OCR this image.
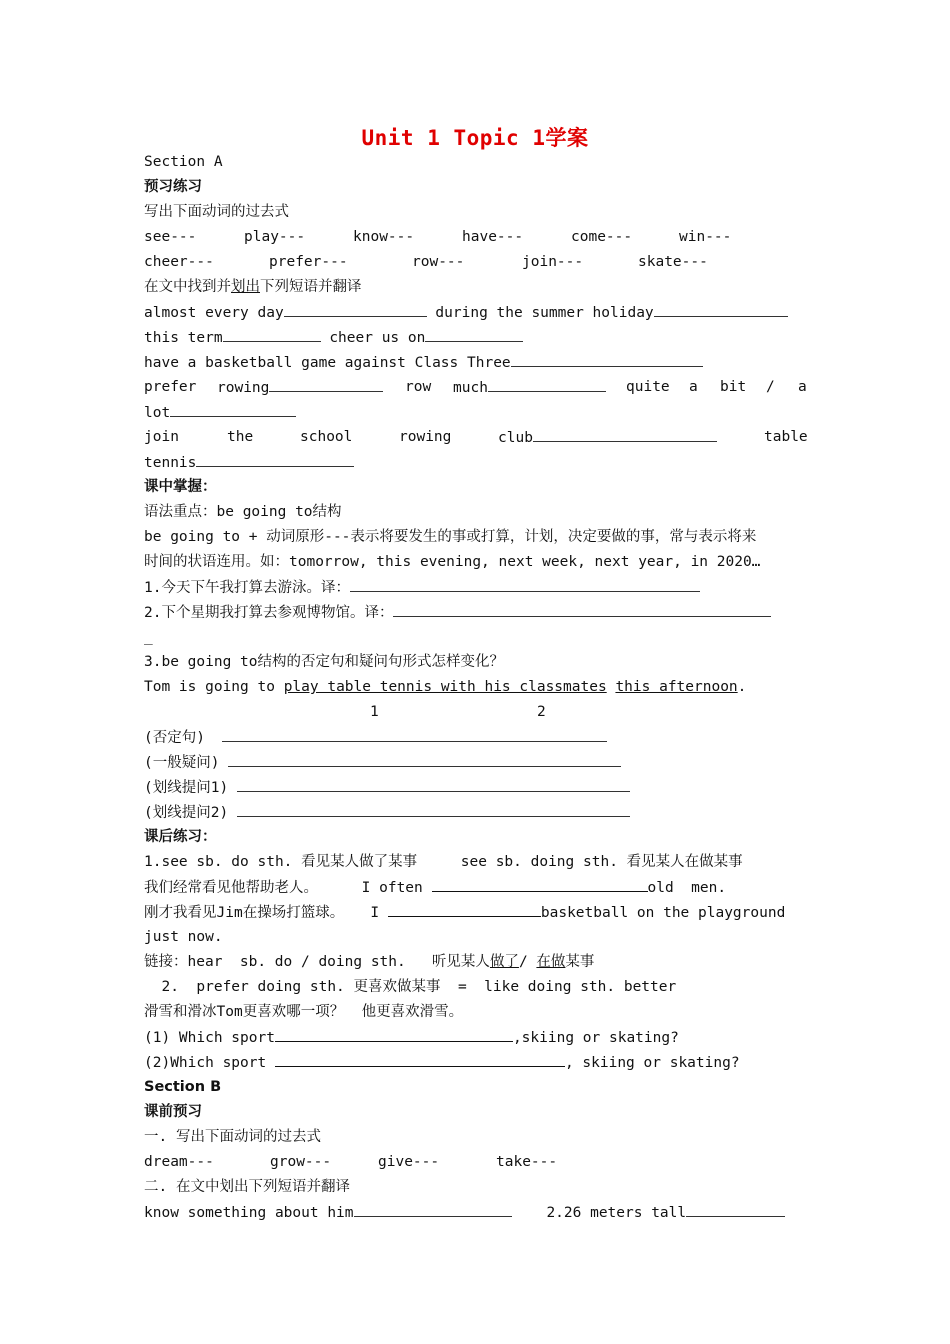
Unit 1 Topic 1学案
Section A
预习练习
写出下面动词的过去式
see---	play---	know---	have---	come---	win---
cheer---	prefer---	row---	join---	skate---
在文中找到并划出下列短语并翻译
almost every day	during the summer holiday
this term	cheer us on
have a basketball game against Class Three
prefer rowing	row much	quite a bit / a
lot
join	the	school	rowing	club	table
tennis
课中掌握：
语法重点：be going to结构
be going to + 动词原形---表示将要发生的事或打算，计划，决定要做的事，常与表示将来
时间的状语连用。如：tomorrow, this evening, next week, next year, in 2020…
1.今天下午我打算去游泳。译：
2.下个星期我打算去参观博物馆。译：
_
3.be going to结构的否定句和疑问句形式怎样变化？
Tom is going to play table tennis with his classmates this afternoon.
1	2
(否定句)
(一般疑问)
(划线提问1)
(划线提问2)
课后练习：
1.see sb. do sth. 看见某人做了某事     see sb. doing sth. 看见某人在做某事
我们经常看见他帮助老人。	I often	old  men.
刚才我看见Jim在操场打篮球。 I	basketball on the playground
just now.
链接：hear  sb. do / doing sth.   听见某人做了/ 在做某事
2.  prefer doing sth. 更喜欢做某事  =  like doing sth. better
滑雪和滑冰Tom更喜欢哪一项？  他更喜欢滑雪。
(1) Which sport	,skiing or skating?
(2)Which sport	, skiing or skating?
Section B
课前预习
一. 写出下面动词的过去式
dream---	grow---	give---	take---
二. 在文中划出下列短语并翻译
know something about him	2.26 meters tall
